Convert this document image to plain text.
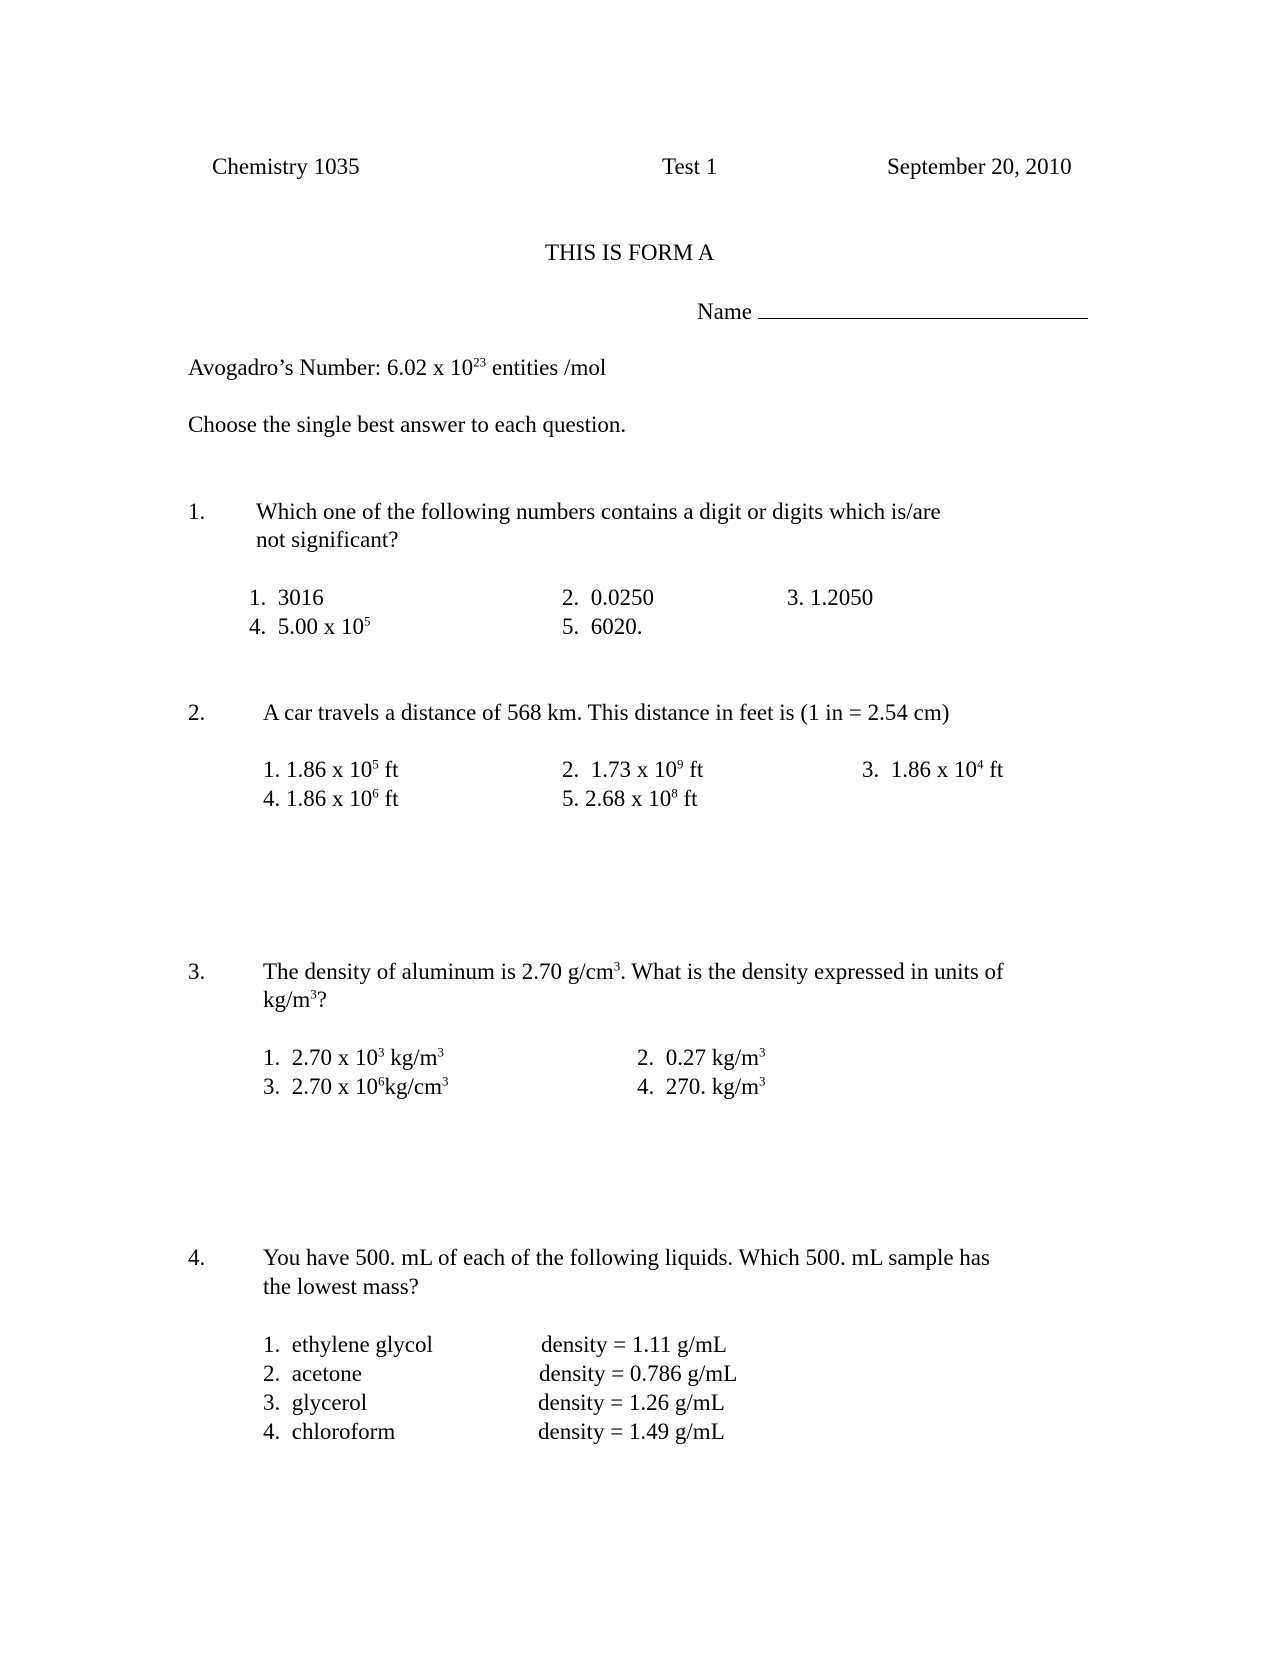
Chemistry 1035	Test 1	September 20, 2010
THIS IS FORM A
Name
Avogadro’s Number: 6.02 x $10^{23}$ entities /mol
Choose the single best answer to each question.
1. Which one of the following numbers contains a digit or digits which is/are
not significant?
1. 3016	2. 0.0250	3. 1.2050
4. 5.00 x $10^5$	5. 6020.
2.	A car travels a distance of 568 km. This distance in feet is (1 in = 2.54 cm)
1. 1.86 x $10^5$ ft	2. 1.73 x $10^9$ ft	3. 1.86 x $10^4$ ft
4. 1.86 x $10^6$ ft	5. 2.68 x $10^8$ ft
3.	The density of aluminum is 2.70 $g/cm^3$. What is the density expressed in units of
$kg/m^3$?
1. 2.70 x $10^3$ $kg/m^3$	2. 0.27 $kg/m^3$
3. 2.70 x $10^6kg/cm^3$	4. 270. $kg/m^3$
4.	You have 500. mL of each of the following liquids. Which 500. mL sample has
the lowest mass?
1. ethylene glycol	density = 1.11 g/mL
2. acetone	density = 0.786 g/mL
3. glycerol	density = 1.26 g/mL
4. chloroform	density = 1.49 g/mL
